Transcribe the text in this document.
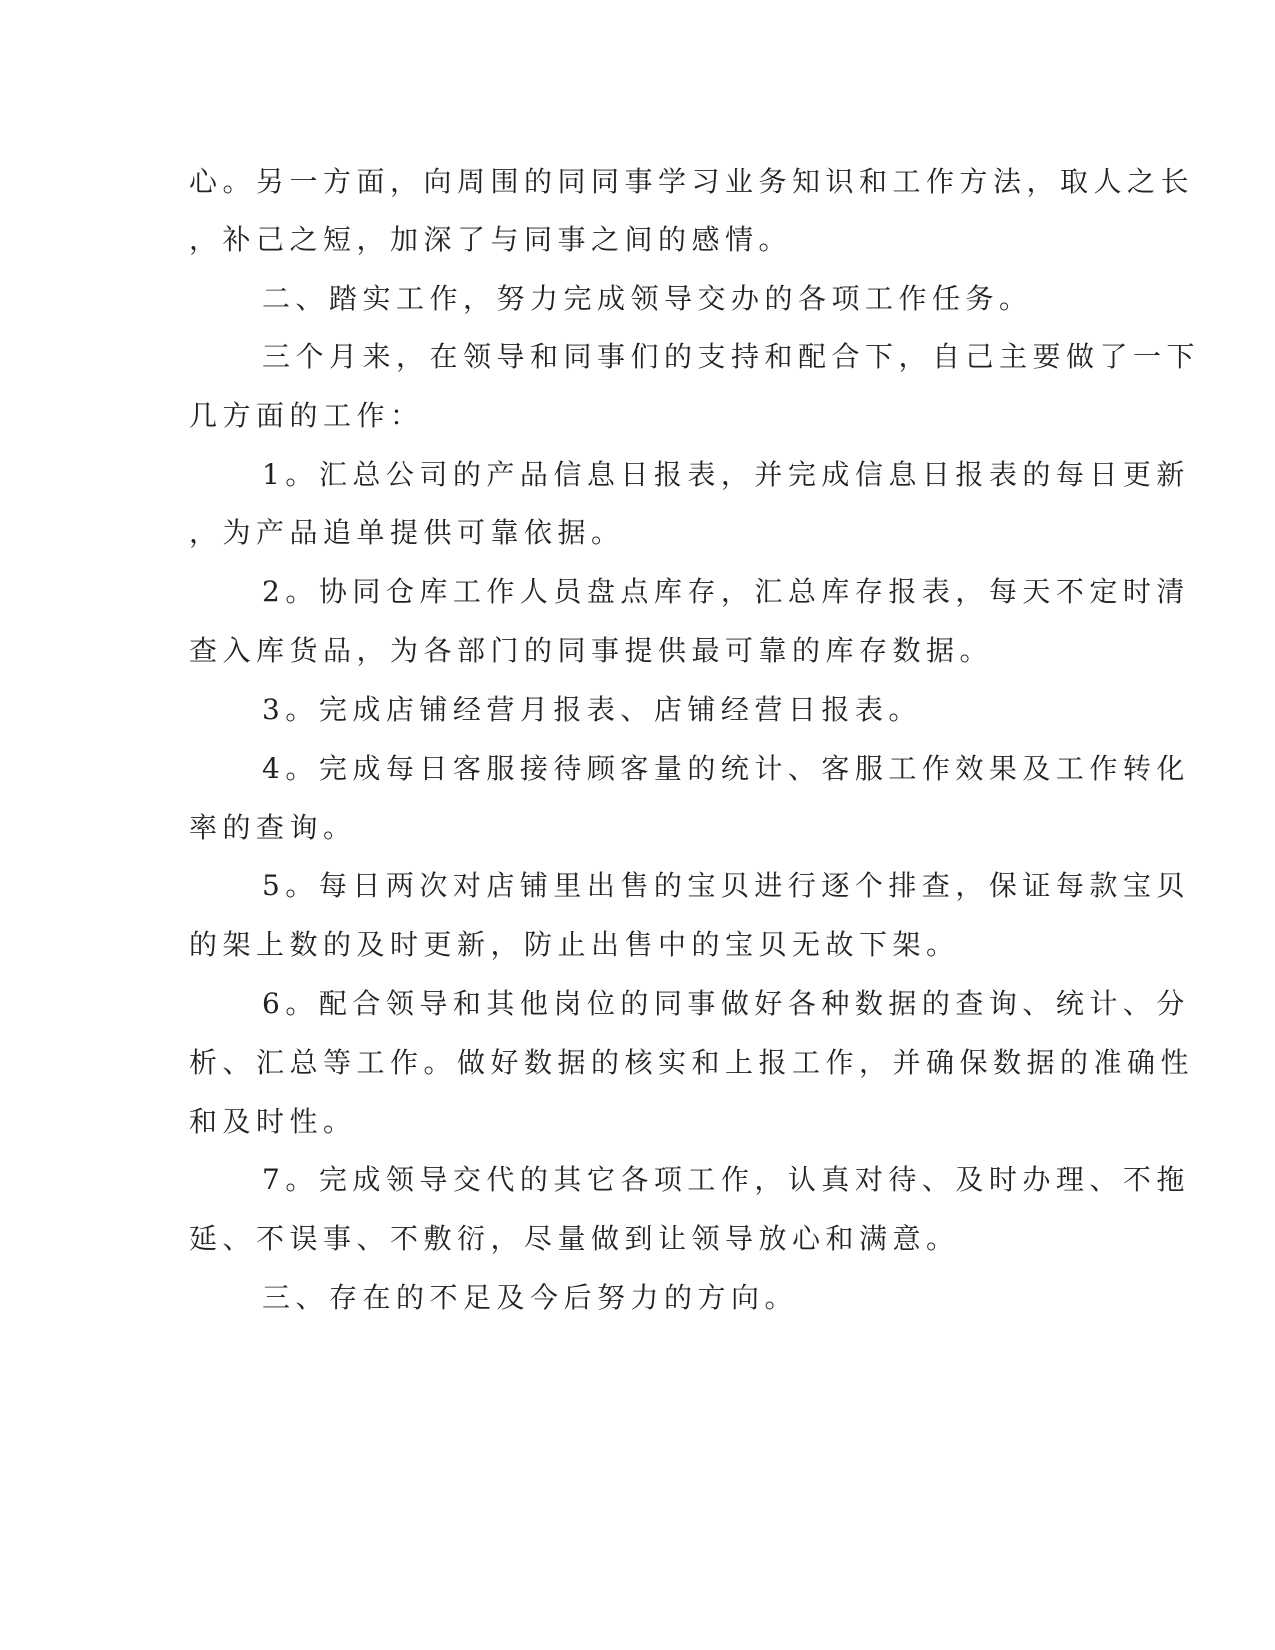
心。另一方面，向周围的同同事学习业务知识和工作方法，取人之长
，补己之短，加深了与同事之间的感情。
二、踏实工作，努力完成领导交办的各项工作任务。
三个月来，在领导和同事们的支持和配合下，自己主要做了一下
几方面的工作：
1。汇总公司的产品信息日报表，并完成信息日报表的每日更新
，为产品追单提供可靠依据。
2。协同仓库工作人员盘点库存，汇总库存报表，每天不定时清
查入库货品，为各部门的同事提供最可靠的库存数据。
3。完成店铺经营月报表、店铺经营日报表。
4。完成每日客服接待顾客量的统计、客服工作效果及工作转化
率的查询。
5。每日两次对店铺里出售的宝贝进行逐个排查，保证每款宝贝
的架上数的及时更新，防止出售中的宝贝无故下架。
6。配合领导和其他岗位的同事做好各种数据的查询、统计、分
析、汇总等工作。做好数据的核实和上报工作，并确保数据的准确性
和及时性。
7。完成领导交代的其它各项工作，认真对待、及时办理、不拖
延、不误事、不敷衍，尽量做到让领导放心和满意。
三、存在的不足及今后努力的方向。
